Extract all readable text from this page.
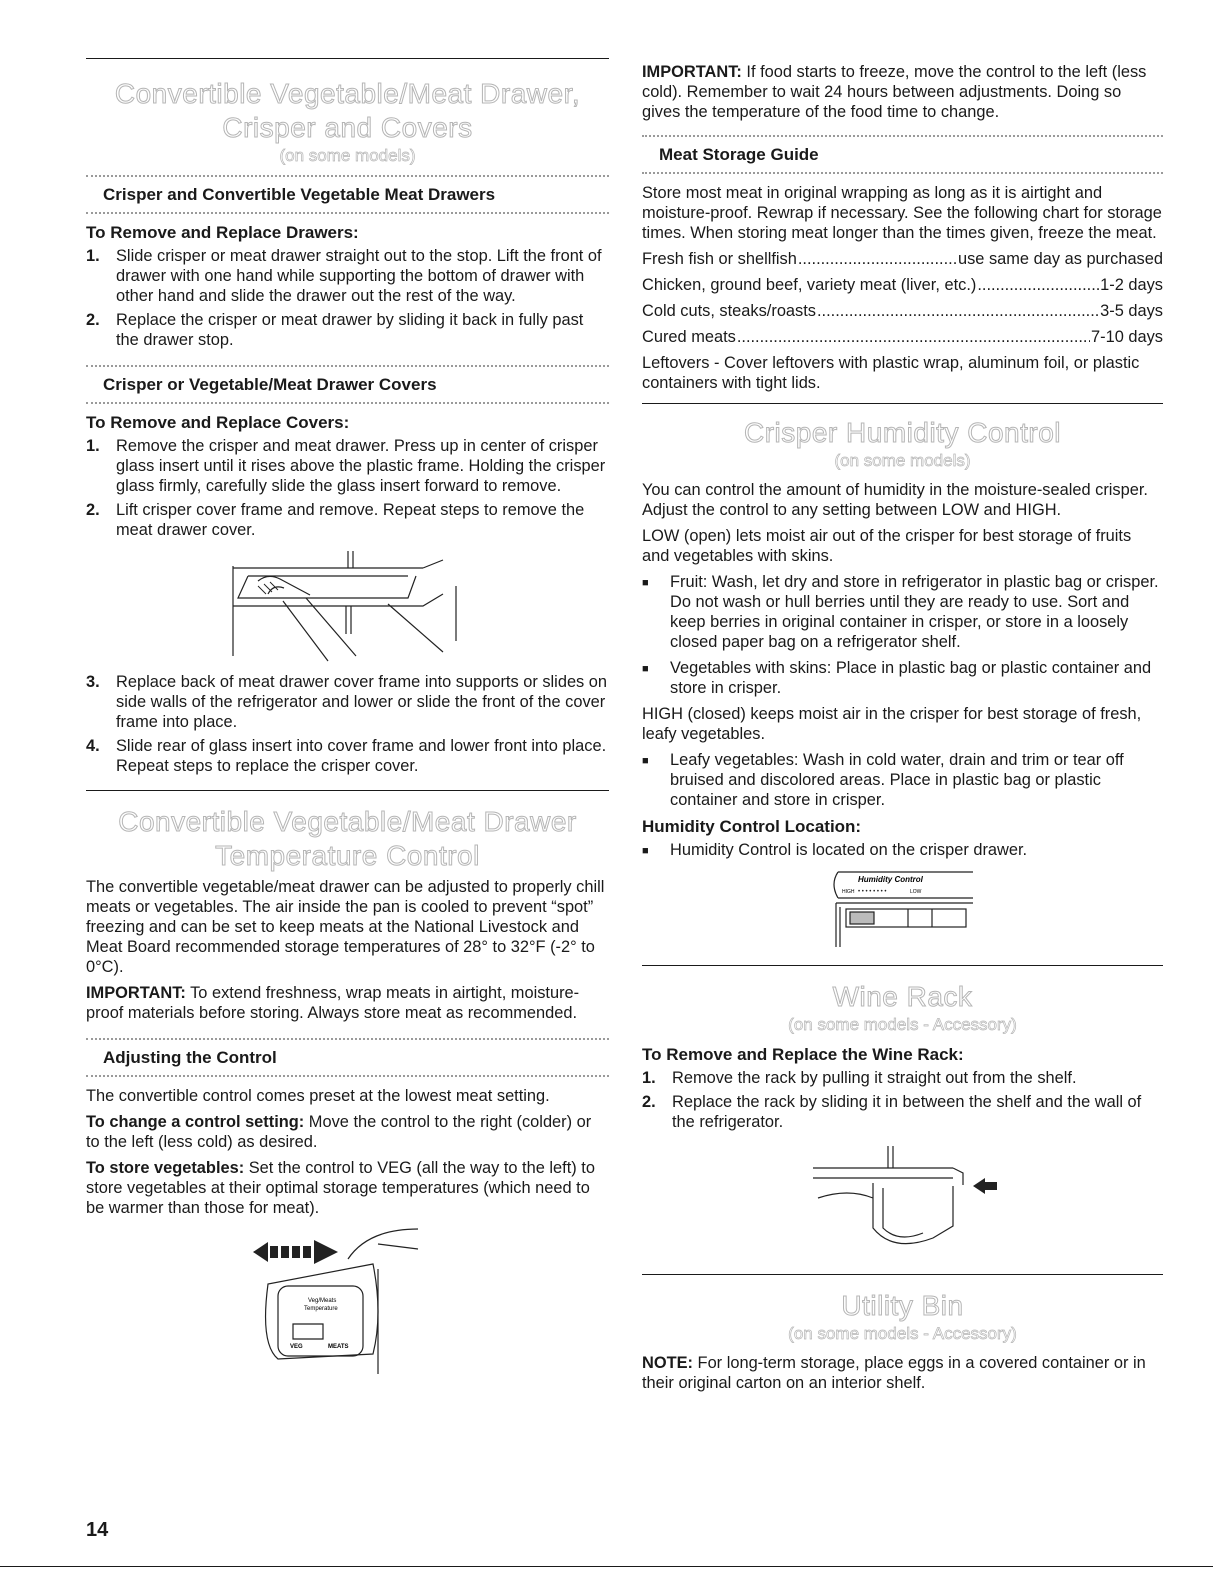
Convertible Vegetable/Meat Drawer,
Crisper and Covers
(on some models)
Crisper and Convertible Vegetable Meat Drawers
To Remove and Replace Drawers:
1. Slide crisper or meat drawer straight out to the stop. Lift the front of drawer with one hand while supporting the bottom of drawer with other hand and slide the drawer out the rest of the way.
2. Replace the crisper or meat drawer by sliding it back in fully past the drawer stop.
Crisper or Vegetable/Meat Drawer Covers
To Remove and Replace Covers:
1. Remove the crisper and meat drawer. Press up in center of crisper glass insert until it rises above the plastic frame. Holding the crisper glass firmly, carefully slide the glass insert forward to remove.
2. Lift crisper cover frame and remove. Repeat steps to remove the meat drawer cover.
3. Replace back of meat drawer cover frame into supports or slides on side walls of the refrigerator and lower or slide the front of the cover frame into place.
4. Slide rear of glass insert into cover frame and lower front into place. Repeat steps to replace the crisper cover.
Convertible Vegetable/Meat Drawer
Temperature Control

The convertible vegetable/meat drawer can be adjusted to properly chill meats or vegetables. The air inside the pan is cooled to prevent “spot” freezing and can be set to keep meats at the National Livestock and Meat Board recommended storage temperatures of 28° to 32°F (-2° to 0°C).

IMPORTANT: To extend freshness, wrap meats in airtight, moisture-proof materials before storing. Always store meat as recommended.

Adjusting the Control

The convertible control comes preset at the lowest meat setting.

To change a control setting: Move the control to the right (colder) or to the left (less cold) as desired.

To store vegetables: Set the control to VEG (all the way to the left) to store vegetables at their optimal storage temperatures (which need to be warmer than those for meat).

Veg/Meats
Temperature
VEG	MEATS

IMPORTANT: If food starts to freeze, move the control to the left (less cold). Remember to wait 24 hours between adjustments. Doing so gives the temperature of the food time to change.

Meat Storage Guide

Store most meat in original wrapping as long as it is airtight and moisture-proof. Rewrap if necessary. See the following chart for storage times. When storing meat longer than the times given, freeze the meat.

Fresh fish or shellfish .....	use same day as purchased
Chicken, ground beef, variety meat (liver, etc.) .....	1-2 days
Cold cuts, steaks/roasts .....	3-5 days
Cured meats .....	7-10 days

Leftovers - Cover leftovers with plastic wrap, aluminum foil, or plastic containers with tight lids.

Crisper Humidity Control
(on some models)

You can control the amount of humidity in the moisture-sealed crisper. Adjust the control to any setting between LOW and HIGH.

LOW (open) lets moist air out of the crisper for best storage of fruits and vegetables with skins.

■	Fruit: Wash, let dry and store in refrigerator in plastic bag or crisper. Do not wash or hull berries until they are ready to use. Sort and keep berries in original container in crisper, or store in a loosely closed paper bag on a refrigerator shelf.
■	Vegetables with skins: Place in plastic bag or plastic container and store in crisper.

HIGH (closed) keeps moist air in the crisper for best storage of fresh, leafy vegetables.

■	Leafy vegetables: Wash in cold water, drain and trim or tear off bruised and discolored areas. Place in plastic bag or plastic container and store in crisper.
Humidity Control Location:
■	Humidity Control is located on the crisper drawer.
Humidity Control
HIGH • • • • • • • •	LOW
Wine Rack
(on some models - Accessory)
To Remove and Replace the Wine Rack:
1. Remove the rack by pulling it straight out from the shelf.
2. Replace the rack by sliding it in between the shelf and the wall of the refrigerator.
Utility Bin
(on some models - Accessory)

NOTE: For long-term storage, place eggs in a covered container or in their original carton on an interior shelf.

14
